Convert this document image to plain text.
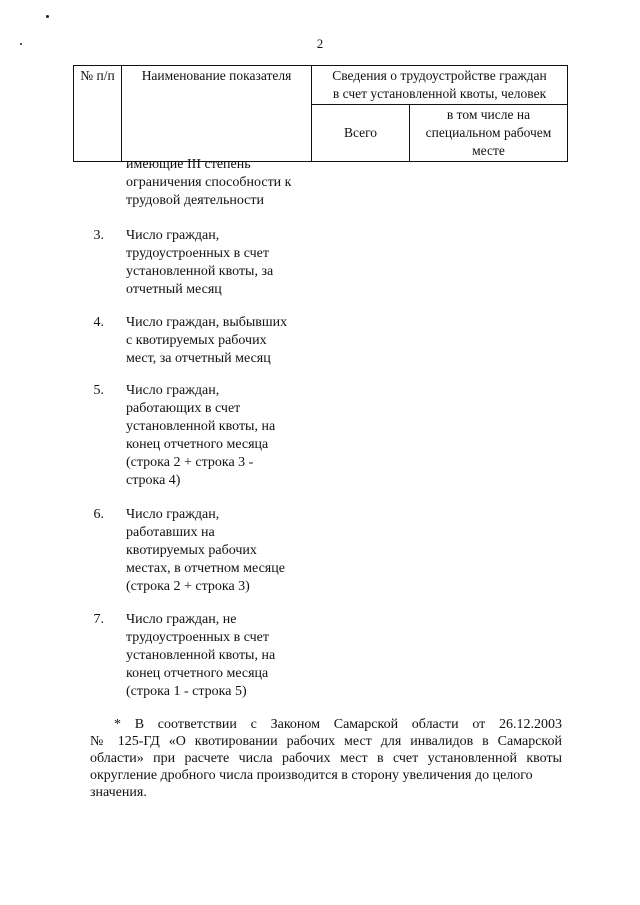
2
№ п/п	Наименование показателя	Сведения о трудоустройстве граждан
в счет установленной квоты, человек	

		Всего	в том числе на
специальном рабочем
месте
имеющие III степень
ограничения способности к
трудовой деятельности
3. Число граждан,
трудоустроенных в счет
установленной квоты, за
отчетный месяц
4. Число граждан, выбывших
с квотируемых рабочих
мест, за отчетный месяц
5. Число граждан,
работающих в счет
установленной квоты, на
конец отчетного месяца
(строка 2 + строка 3 -
строка 4)
6. Число граждан,
работавших на
квотируемых рабочих
местах, в отчетном месяце
(строка 2 + строка 3)
7. Число граждан, не
трудоустроенных в счет
установленной квоты, на
конец отчетного месяца
(строка 1 - строка 5)
* В соответствии с Законом Самарской области от 26.12.2003
№ 125-ГД «О квотировании рабочих мест для инвалидов в Самарской
области» при расчете числа рабочих мест в счет установленной квоты
округление дробного числа производится в сторону увеличения до целого
значения.
